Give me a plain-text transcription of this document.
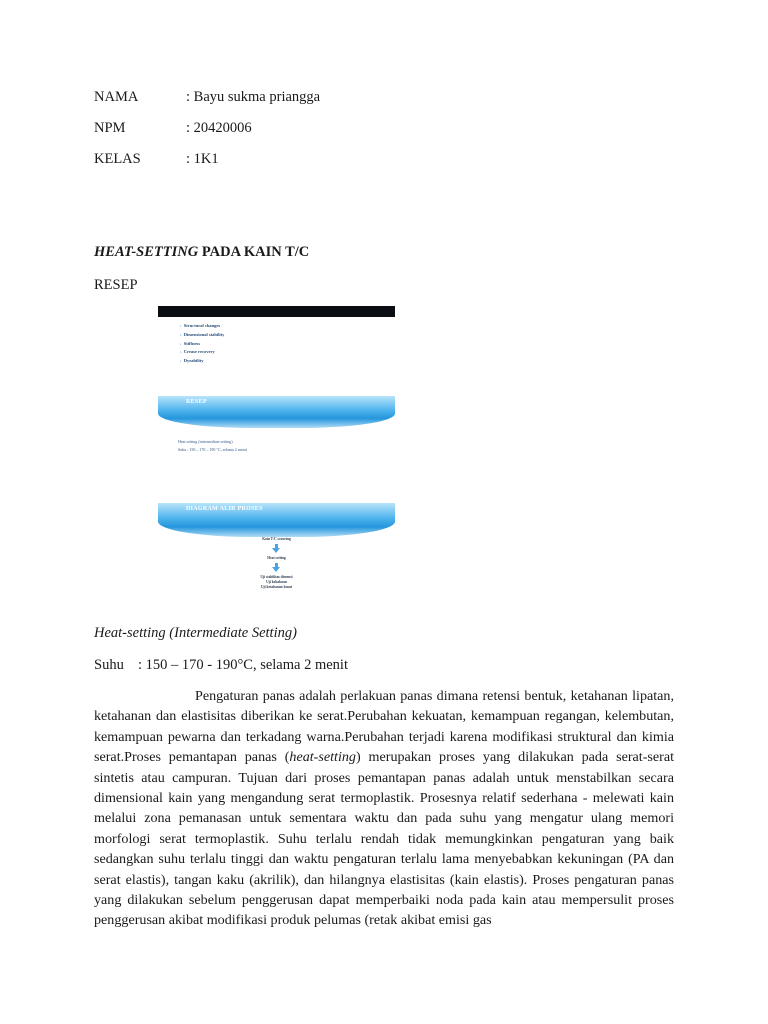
NAMA	: Bayu sukma priangga
NPM	: 20420006
KELAS	: 1K1
HEAT-SETTING PADA KAIN T/C
RESEP
›  Structural changes
›  Dimensional stability
›  Stiffness
›  Crease recovery
›  Dyeability
RESEP
Heat setting (intermediate setting)
Suhu : 150 – 170 – 190 °C, selama 2 menit
DIAGRAM ALIR PROSES
Kain T/C scouring
Heat setting
Uji stabilitas dimensi
Uji kekakuan
Uji ketahanan kusut
Heat-setting (Intermediate Setting)
Suhu : 150 – 170 - 190°C, selama 2 menit
Pengaturan panas adalah perlakuan panas dimana retensi bentuk, ketahanan lipatan, ketahanan dan elastisitas diberikan ke serat.Perubahan kekuatan, kemampuan regangan, kelembutan, kemampuan pewarna dan terkadang warna.Perubahan terjadi karena modifikasi struktural dan kimia serat.Proses pemantapan panas (heat-setting) merupakan proses yang dilakukan pada serat-serat sintetis atau campuran. Tujuan dari proses pemantapan panas adalah untuk menstabilkan secara dimensional kain yang mengandung serat termoplastik. Prosesnya relatif sederhana - melewati kain melalui zona pemanasan untuk sementara waktu dan pada suhu yang mengatur ulang memori morfologi serat termoplastik. Suhu terlalu rendah tidak memungkinkan pengaturan yang baik sedangkan suhu terlalu tinggi dan waktu pengaturan terlalu lama menyebabkan kekuningan (PA dan serat elastis), tangan kaku (akrilik), dan hilangnya elastisitas (kain elastis). Proses pengaturan panas yang dilakukan sebelum penggerusan dapat memperbaiki noda pada kain atau mempersulit proses penggerusan akibat modifikasi produk pelumas (retak akibat emisi gas
